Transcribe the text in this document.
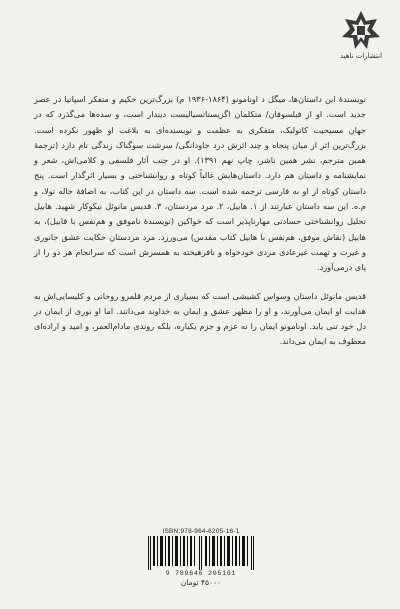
انتشارات ناهید

نویسندهٔ این داستان‌ها، میگل د اونامونو (۱۸۶۴-۱۹۳۶ م) بزرگ‌ترین حکیم و متفکر اسپانیا در عصر جدید است. او از فیلسوفان/ متکلمان اگزیستانسیالیست دیندار است، و سده‌ها می‌گذرد که در جهان مسیحیت کاتولیک، متفکری به عظمت و نویسنده‌ای به بلاغت او ظهور نکرده است. بزرگ‌ترین اثر از میان پنجاه و چند اثرش درد جاودانگی/ سرشت سوگناک زندگی نام دارد (ترجمهٔ همین مترجم، نشر همین ناشر، چاپ نهم ۱۳۹۱). او در جنب آثار فلسفی و کلامی‌اش، شعر و نمایشنامه و داستان هم دارد. داستان‌هایش غالباً کوتاه و روانشناختی و بسیار اثرگذار است. پنج داستان کوتاه از او به فارسی ترجمه شده است. سه داستان در این کتاب، به اضافهٔ خاله تولا، و م.ه. این سه داستان عبارتند از ۱. هابیل، ۲. مرد مردستان، ۳. قدیس مانوئل نیکوکار شهید. هابیل تحلیل روانشناختی حسادتی مهارناپذیر است که خواکین (نویسندهٔ ناموفق و هم‌نفس با قابیل)، به هابیل (نقاش موفق، هم‌نفس با هابیل کتاب مقدس) می‌ورزد. مرد مردستان حکایت عشق جانوری و غیرت و تهمت غیرعادی مردی خودخواه و نافرهیخته به همسرش است که سرانجام هر دو را از پای درمی‌آورد.

قدیس مانوئل داستان وسواس کشیشی است که بسیاری از مردم قلمرو روحانی و کلیسایی‌اش به هدایت او ایمان می‌آورند، و او را مظهر عشق و ایمان به خداوند می‌دانند. اما او نوری از ایمان در دل خود تنی یابد. اونامونو ایمان را نه عزم و جزم یکباره، بلکه روندی مادام‌العمر، و امید و اراده‌ای معطوف به ایمان می‌داند.

ISBN:978-964-6205-16-1
9 789646 205161
۴۵۰۰۰ تومان
